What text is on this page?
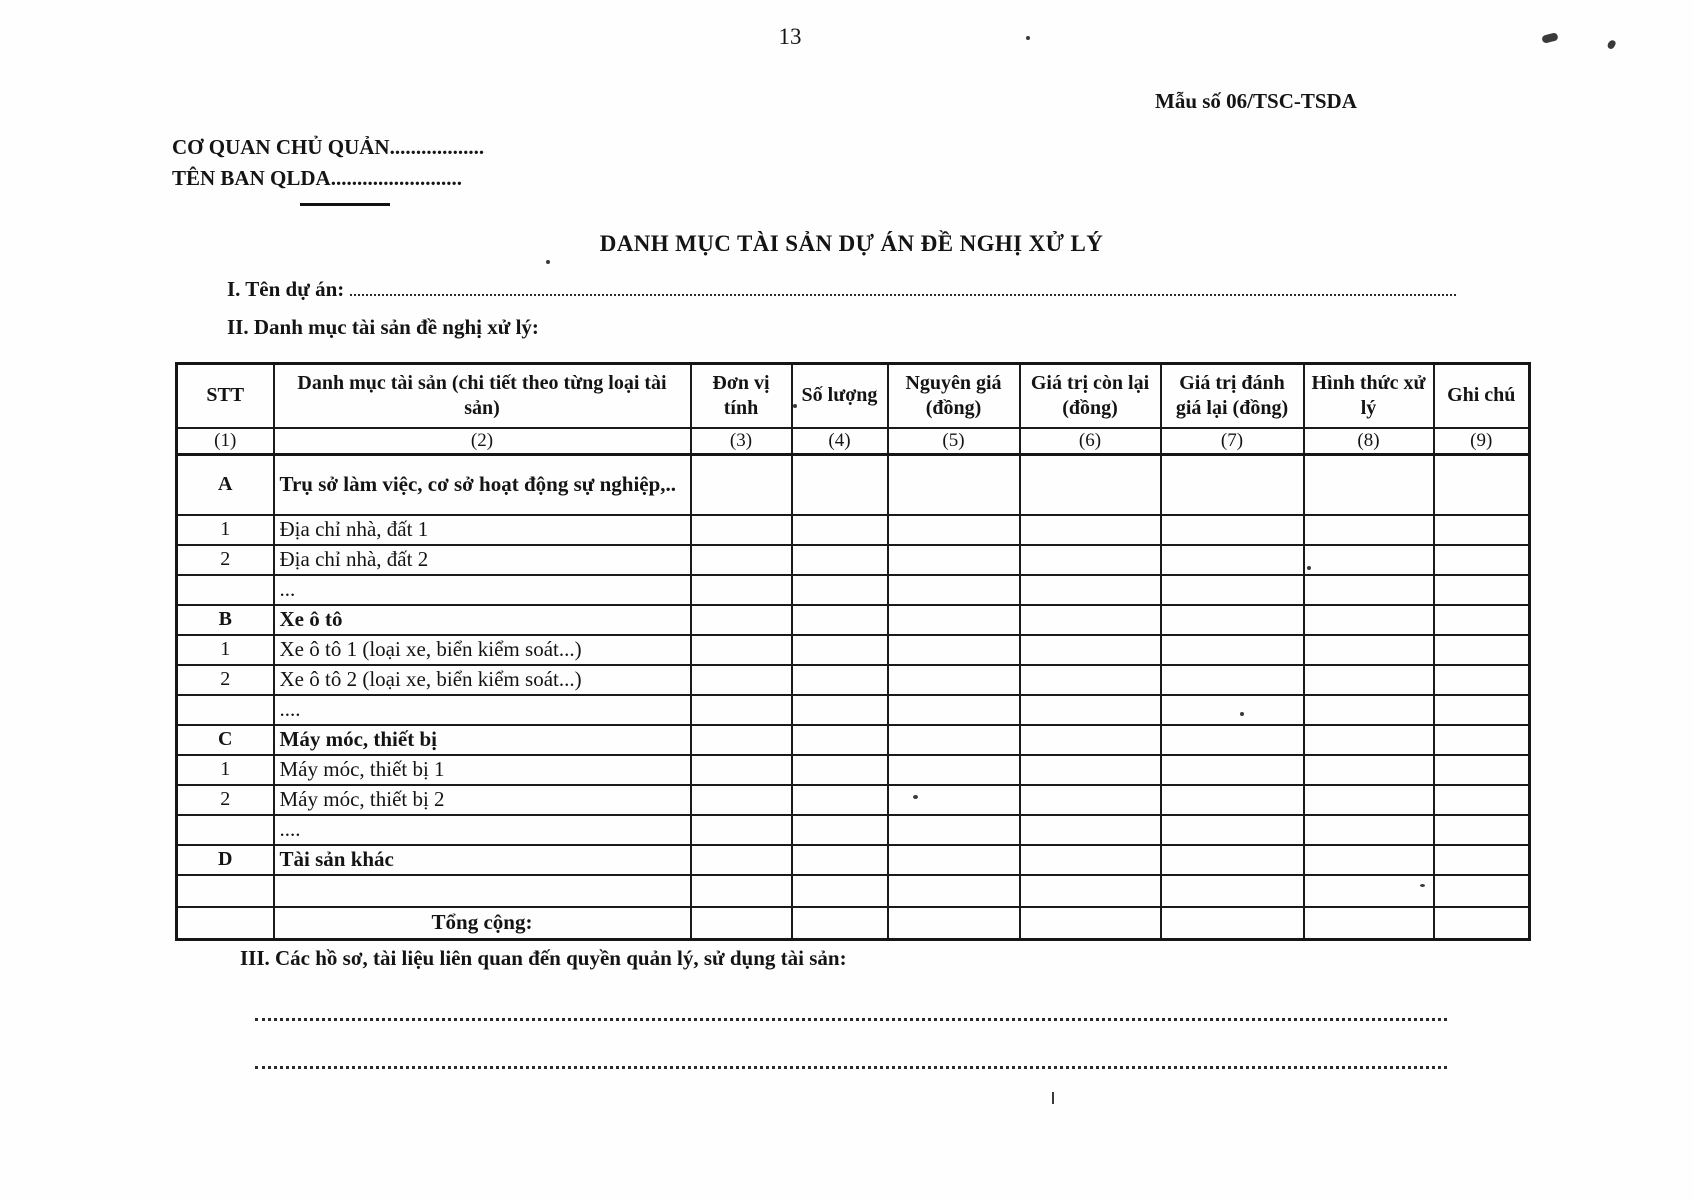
13
Mẫu số 06/TSC-TSDA
CƠ QUAN CHỦ QUẢN..................
TÊN BAN QLDA.........................
DANH MỤC TÀI SẢN DỰ ÁN ĐỀ NGHỊ XỬ LÝ
I. Tên dự án:
II. Danh mục tài sản đề nghị xử lý:
STT	Danh mục tài sản (chi tiết theo từng loại tài sản)	Đơn vị tính	Số lượng	Nguyên giá (đồng)	Giá trị còn lại (đồng)	Giá trị đánh giá lại (đồng)	Hình thức xử lý	Ghi chú
(1)	(2)	(3)	(4)	(5)	(6)	(7)	(8)	(9)
A	Trụ sở làm việc, cơ sở hoạt động sự nghiệp,..							
1	Địa chỉ nhà, đất 1							
2	Địa chỉ nhà, đất 2							
	...							
B	Xe ô tô							
1	Xe ô tô 1 (loại xe, biển kiểm soát...)							
2	Xe ô tô 2 (loại xe, biển kiểm soát...)							
	....							
C	Máy móc, thiết bị							
1	Máy móc, thiết bị 1							
2	Máy móc, thiết bị 2							
	....							
D	Tài sản khác							

	Tổng cộng:							
III. Các hồ sơ, tài liệu liên quan đến quyền quản lý, sử dụng tài sản:
